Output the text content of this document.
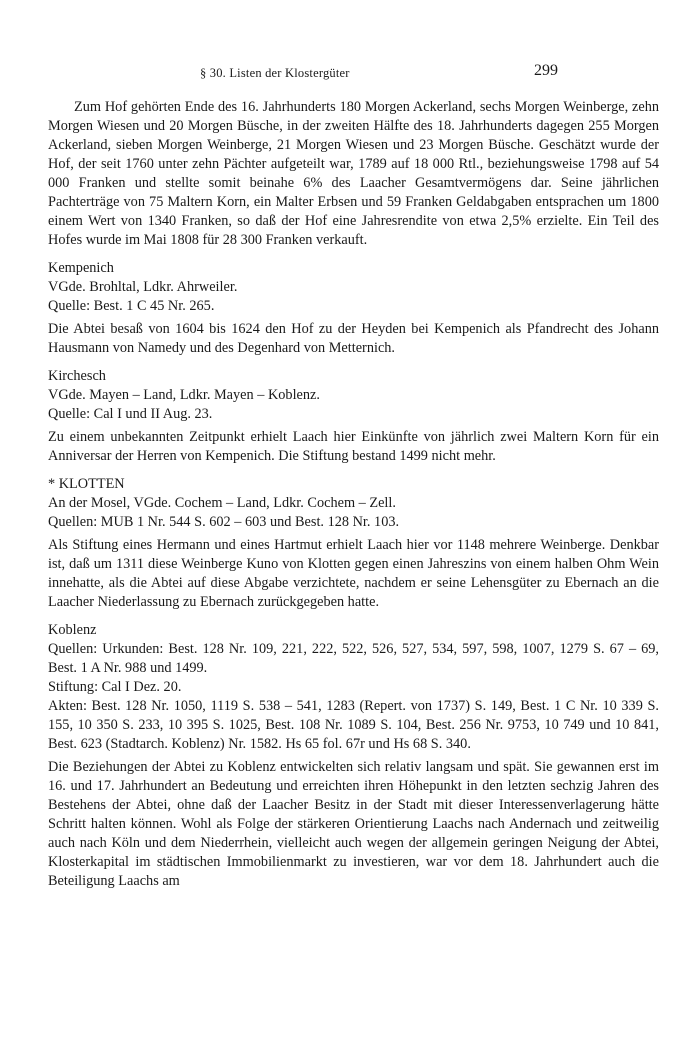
§ 30. Listen der Klostergüter	299

Zum Hof gehörten Ende des 16. Jahrhunderts 180 Morgen Ackerland, sechs Morgen Weinberge, zehn Morgen Wiesen und 20 Morgen Büsche, in der zweiten Hälfte des 18. Jahrhunderts dagegen 255 Morgen Ackerland, sieben Morgen Weinberge, 21 Morgen Wiesen und 23 Morgen Büsche. Geschätzt wurde der Hof, der seit 1760 unter zehn Pächter aufgeteilt war, 1789 auf 18 000 Rtl., beziehungsweise 1798 auf 54 000 Franken und stellte somit beinahe 6% des Laacher Gesamtvermögens dar. Seine jährlichen Pachterträge von 75 Maltern Korn, ein Malter Erbsen und 59 Franken Geldabgaben entsprachen um 1800 einem Wert von 1340 Franken, so daß der Hof eine Jahresrendite von etwa 2,5% erzielte. Ein Teil des Hofes wurde im Mai 1808 für 28 300 Franken verkauft.

Kempenich
VGde. Brohltal, Ldkr. Ahrweiler.
Quelle: Best. 1 C 45 Nr. 265.

Die Abtei besaß von 1604 bis 1624 den Hof zu der Heyden bei Kempenich als Pfandrecht des Johann Hausmann von Namedy und des Degenhard von Metternich.

Kirchesch
VGde. Mayen – Land, Ldkr. Mayen – Koblenz.
Quelle: Cal I und II Aug. 23.

Zu einem unbekannten Zeitpunkt erhielt Laach hier Einkünfte von jährlich zwei Maltern Korn für ein Anniversar der Herren von Kempenich. Die Stiftung bestand 1499 nicht mehr.

* KLOTTEN
An der Mosel, VGde. Cochem – Land, Ldkr. Cochem – Zell.
Quellen: MUB 1 Nr. 544 S. 602 – 603 und Best. 128 Nr. 103.

Als Stiftung eines Hermann und eines Hartmut erhielt Laach hier vor 1148 mehrere Weinberge. Denkbar ist, daß um 1311 diese Weinberge Kuno von Klotten gegen einen Jahreszins von einem halben Ohm Wein innehatte, als die Abtei auf diese Abgabe verzichtete, nachdem er seine Lehensgüter zu Ebernach an die Laacher Niederlassung zu Ebernach zurückgegeben hatte.

Koblenz

Quellen: Urkunden: Best. 128 Nr. 109, 221, 222, 522, 526, 527, 534, 597, 598, 1007, 1279 S. 67 – 69, Best. 1 A Nr. 988 und 1499.

Stiftung: Cal I Dez. 20.

Akten: Best. 128 Nr. 1050, 1119 S. 538 – 541, 1283 (Repert. von 1737) S. 149, Best. 1 C Nr. 10 339 S. 155, 10 350 S. 233, 10 395 S. 1025, Best. 108 Nr. 1089 S. 104, Best. 256 Nr. 9753, 10 749 und 10 841, Best. 623 (Stadtarch. Koblenz) Nr. 1582. Hs 65 fol. 67r und Hs 68 S. 340.

Die Beziehungen der Abtei zu Koblenz entwickelten sich relativ langsam und spät. Sie gewannen erst im 16. und 17. Jahrhundert an Bedeutung und erreichten ihren Höhepunkt in den letzten sechzig Jahren des Bestehens der Abtei, ohne daß der Laacher Besitz in der Stadt mit dieser Interessenverlagerung hätte Schritt halten können. Wohl als Folge der stärkeren Orientierung Laachs nach Andernach und zeitweilig auch nach Köln und dem Niederrhein, vielleicht auch wegen der allgemein geringen Neigung der Abtei, Klosterkapital im städtischen Immobilienmarkt zu investieren, war vor dem 18. Jahrhundert auch die Beteiligung Laachs am
